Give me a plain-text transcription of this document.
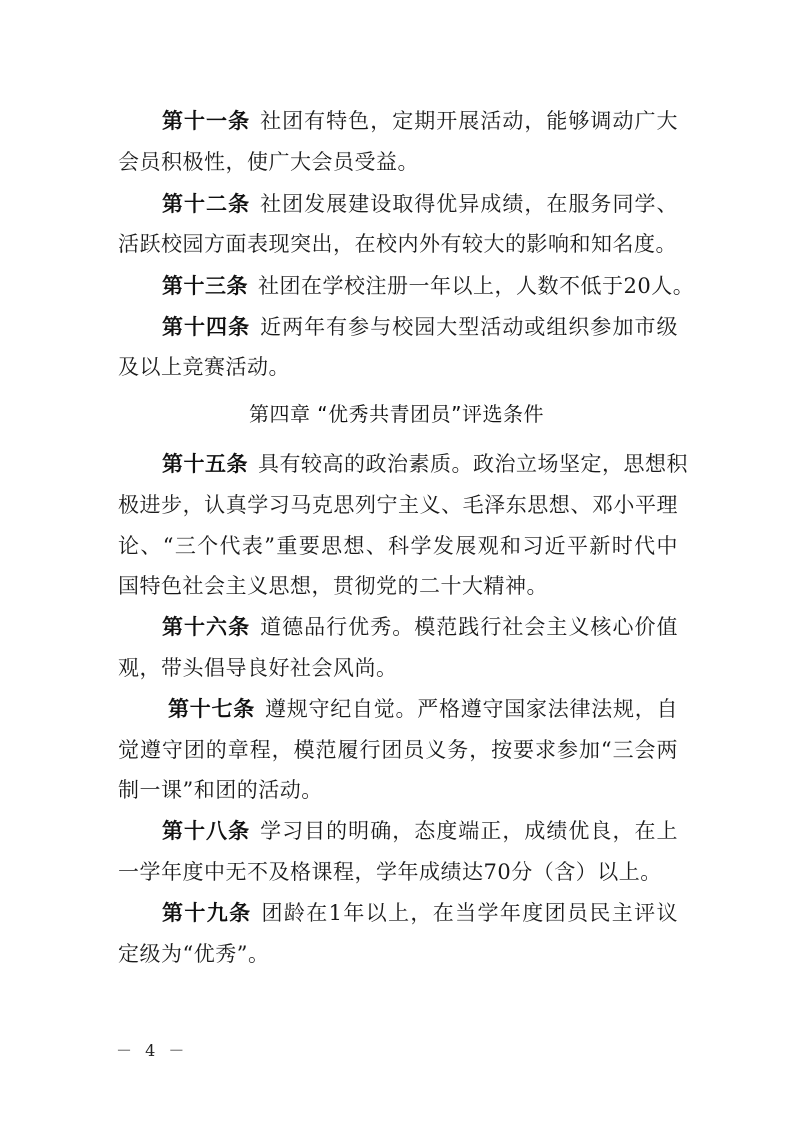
第十一条 社团有特色，定期开展活动，能够调动广大
会员积极性，使广大会员受益。
第十二条 社团发展建设取得优异成绩，在服务同学、
活跃校园方面表现突出，在校内外有较大的影响和知名度。
第十三条 社团在学校注册一年以上，人数不低于20人。
第十四条 近两年有参与校园大型活动或组织参加市级
及以上竞赛活动。
第四章 “优秀共青团员”评选条件
第十五条 具有较高的政治素质。政治立场坚定，思想积
极进步，认真学习马克思列宁主义、毛泽东思想、邓小平理
论、“三个代表”重要思想、科学发展观和习近平新时代中
国特色社会主义思想，贯彻党的二十大精神。
第十六条 道德品行优秀。模范践行社会主义核心价值
观，带头倡导良好社会风尚。
第十七条 遵规守纪自觉。严格遵守国家法律法规，自
觉遵守团的章程，模范履行团员义务，按要求参加“三会两
制一课”和团的活动。
第十八条 学习目的明确，态度端正，成绩优良，在上
一学年度中无不及格课程，学年成绩达70分（含）以上。
第十九条 团龄在1年以上，在当学年度团员民主评议
定级为“优秀”。
－ 4 －
